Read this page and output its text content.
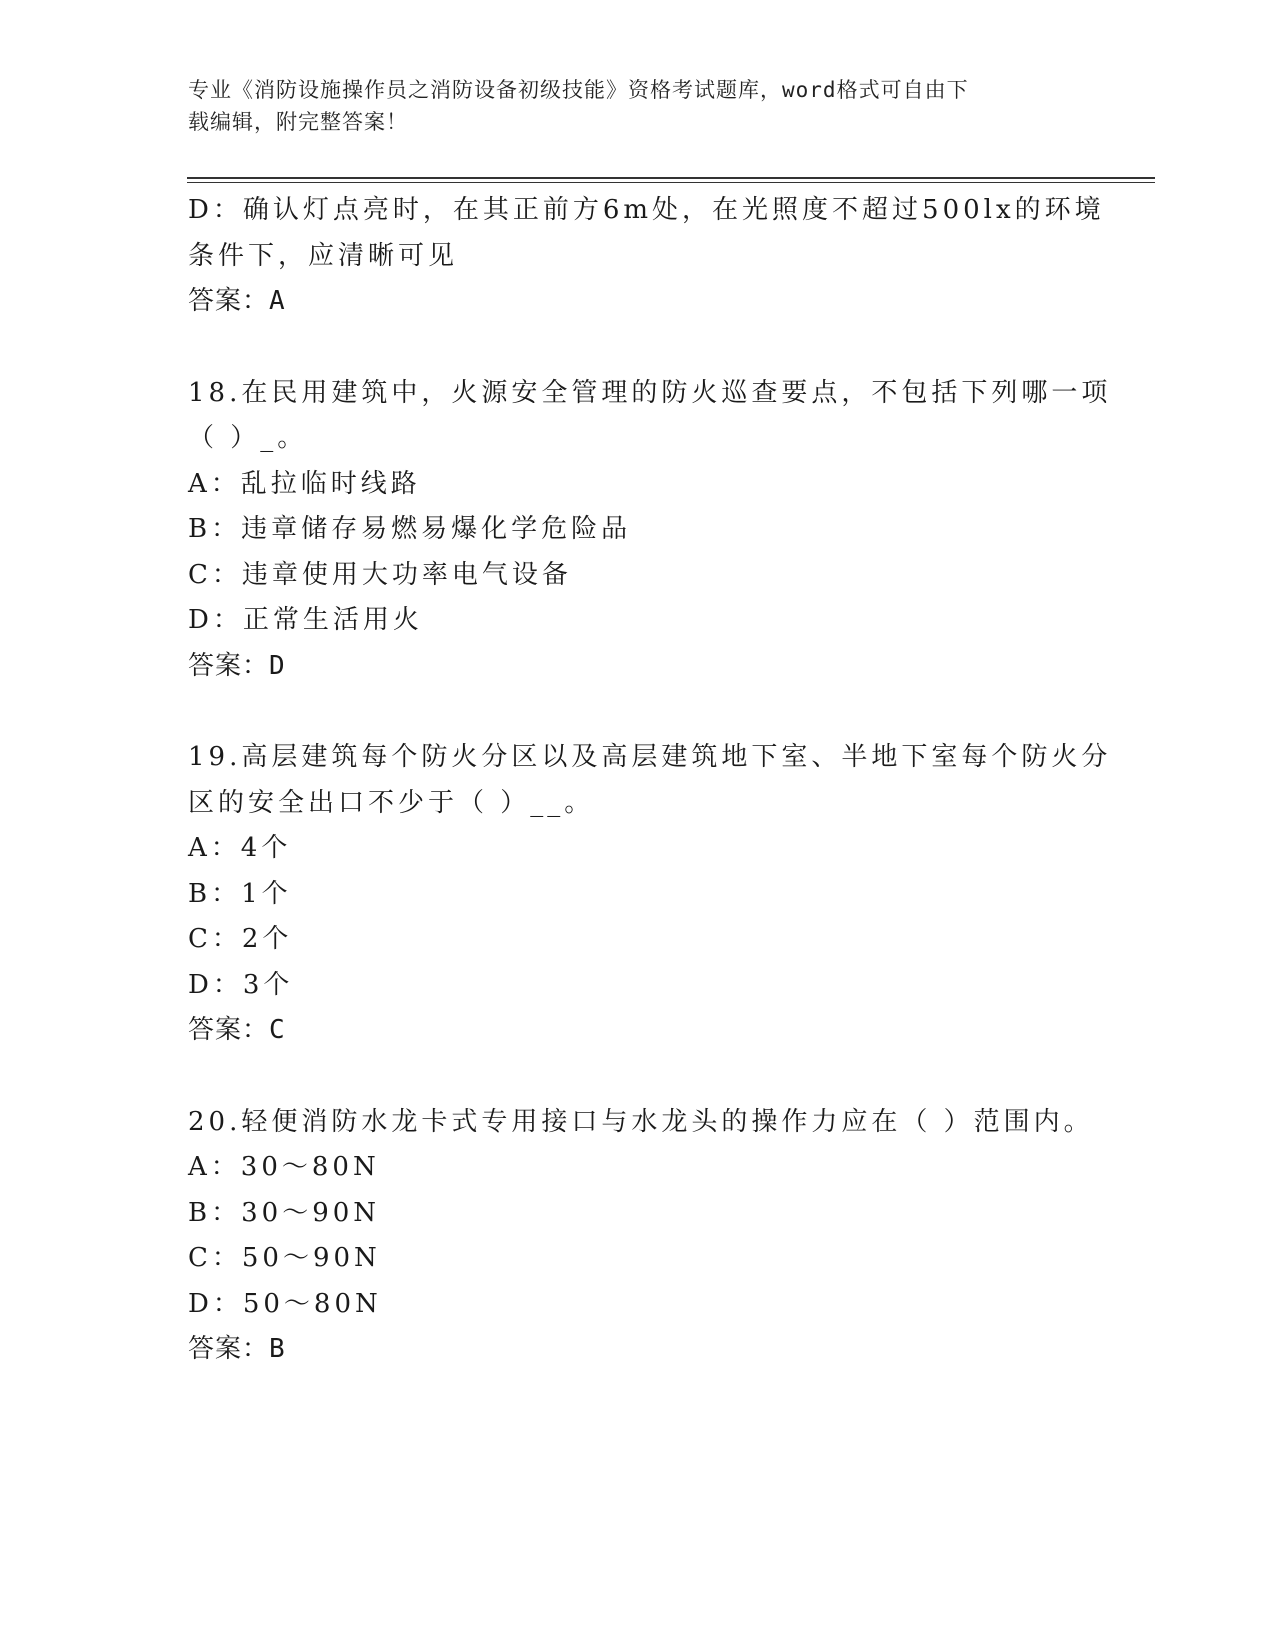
专业《消防设施操作员之消防设备初级技能》资格考试题库，word格式可自由下
载编辑，附完整答案！
D：确认灯点亮时，在其正前方6m处，在光照度不超过500lx的环境
条件下，应清晰可见
答案：A
18.在民用建筑中，火源安全管理的防火巡查要点，不包括下列哪一项
（ ）_。
A：乱拉临时线路
B：违章储存易燃易爆化学危险品
C：违章使用大功率电气设备
D：正常生活用火
答案：D
19.高层建筑每个防火分区以及高层建筑地下室、半地下室每个防火分
区的安全出口不少于（ ）__。
A：4个
B：1个
C：2个
D：3个
答案：C
20.轻便消防水龙卡式专用接口与水龙头的操作力应在（ ）范围内。
A：30～80N
B：30～90N
C：50～90N
D：50～80N
答案：B
